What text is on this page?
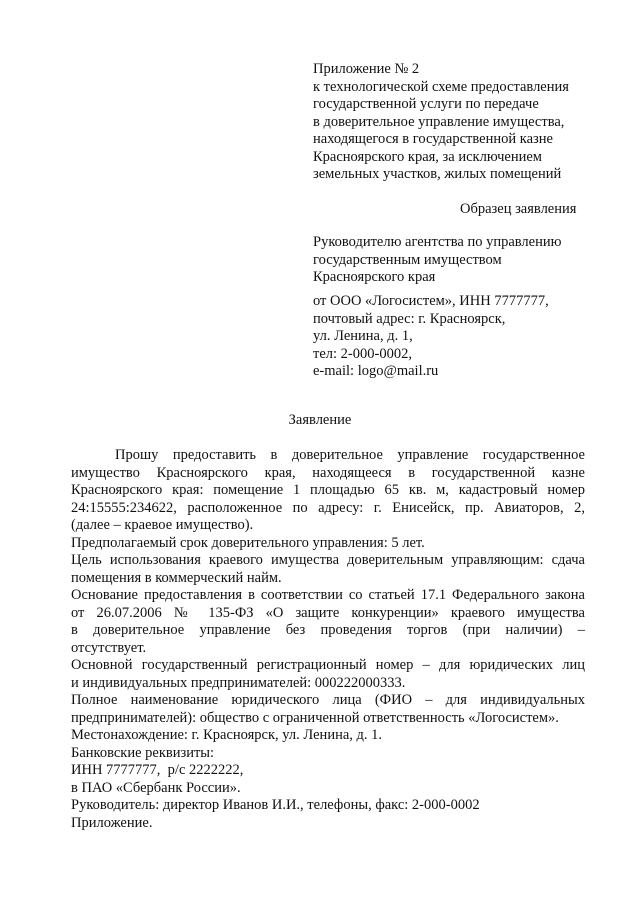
Приложение № 2
к технологической схеме предоставления
государственной услуги по передаче
в доверительное управление имущества,
находящегося в государственной казне
Красноярского края, за исключением
земельных участков, жилых помещений
Образец заявления
Руководителю агентства по управлению
государственным имуществом
Красноярского края
от ООО «Логосистем», ИНН 7777777,
почтовый адрес: г. Красноярск,
ул. Ленина, д. 1,
тел: 2-000-0002,
e-mail: logo@mail.ru
Заявление
Прошу предоставить в доверительное управление государственное
имущество Красноярского края, находящееся в государственной казне
Красноярского края: помещение 1 площадью 65 кв. м, кадастровый номер
24:15555:234622, расположенное по адресу: г. Енисейск, пр. Авиаторов, 2,
(далее – краевое имущество).
Предполагаемый срок доверительного управления: 5 лет.
Цель использования краевого имущества доверительным управляющим: сдача
помещения в коммерческий найм.
Основание предоставления в соответствии со статьей 17.1 Федерального закона
от 26.07.2006 № 135-ФЗ «О защите конкуренции» краевого имущества
в доверительное управление без проведения торгов (при наличии) –
отсутствует.
Основной государственный регистрационный номер – для юридических лиц
и индивидуальных предпринимателей: 000222000333.
Полное наименование юридического лица (ФИО – для индивидуальных
предпринимателей): общество с ограниченной ответственность «Логосистем».
Местонахождение: г. Красноярск, ул. Ленина, д. 1.
Банковские реквизиты:
ИНН 7777777,  р/с 2222222,
в ПАО «Сбербанк России».
Руководитель: директор Иванов И.И., телефоны, факс: 2-000-0002
Приложение.
